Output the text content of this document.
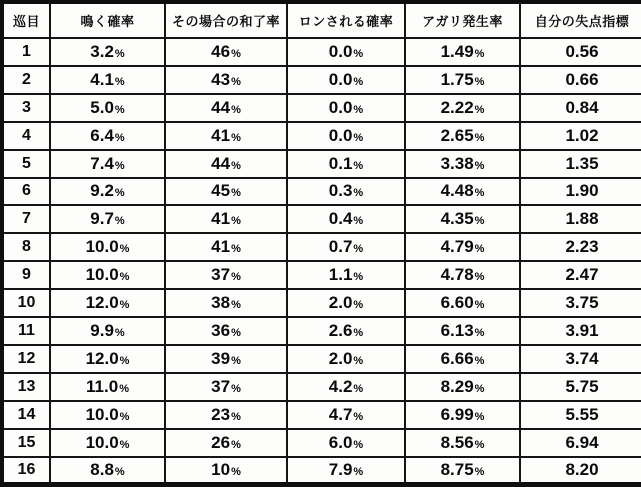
巡目	鳴く確率	その場合の和了率	ロンされる確率	アガリ発生率	自分の失点指標
1	3.2%	46%	0.0%	1.49%	0.56
2	4.1%	43%	0.0%	1.75%	0.66
3	5.0%	44%	0.0%	2.22%	0.84
4	6.4%	41%	0.0%	2.65%	1.02
5	7.4%	44%	0.1%	3.38%	1.35
6	9.2%	45%	0.3%	4.48%	1.90
7	9.7%	41%	0.4%	4.35%	1.88
8	10.0%	41%	0.7%	4.79%	2.23
9	10.0%	37%	1.1%	4.78%	2.47
10	12.0%	38%	2.0%	6.60%	3.75
11	9.9%	36%	2.6%	6.13%	3.91
12	12.0%	39%	2.0%	6.66%	3.74
13	11.0%	37%	4.2%	8.29%	5.75
14	10.0%	23%	4.7%	6.99%	5.55
15	10.0%	26%	6.0%	8.56%	6.94
16	8.8%	10%	7.9%	8.75%	8.20
